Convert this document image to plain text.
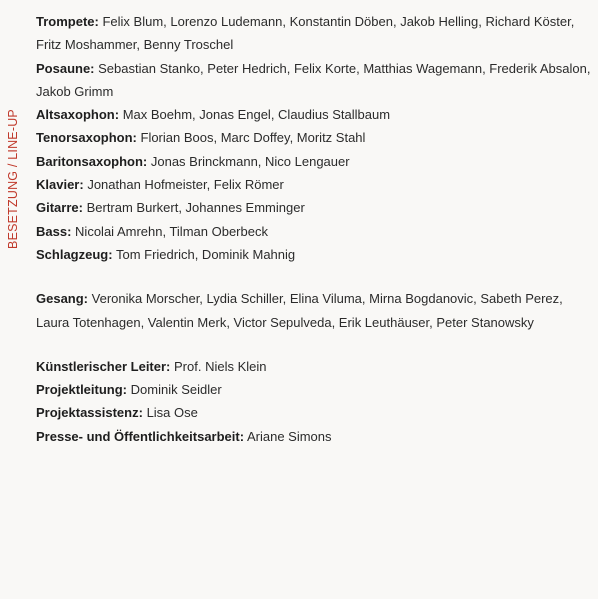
BESETZUNG / LINE-UP

Trompete: Felix Blum, Lorenzo Ludemann, Konstantin Döben, Jakob Helling, Richard Köster, Fritz Moshammer, Benny Troschel

Posaune: Sebastian Stanko, Peter Hedrich, Felix Korte, Matthias Wagemann, Frederik Absalon, Jakob Grimm

Altsaxophon: Max Boehm, Jonas Engel, Claudius Stallbaum

Tenorsaxophon: Florian Boos, Marc Doffey, Moritz Stahl

Baritonsaxophon: Jonas Brinckmann, Nico Lengauer

Klavier: Jonathan Hofmeister, Felix Römer

Gitarre: Bertram Burkert, Johannes Emminger

Bass: Nicolai Amrehn, Tilman Oberbeck

Schlagzeug: Tom Friedrich, Dominik Mahnig

Gesang: Veronika Morscher, Lydia Schiller, Elina Viluma, Mirna Bogdanovic, Sabeth Perez, Laura Totenhagen, Valentin Merk, Victor Sepulveda, Erik Leuthäuser, Peter Stanowsky

Künstlerischer Leiter: Prof. Niels Klein

Projektleitung: Dominik Seidler

Projektassistenz: Lisa Ose

Presse- und Öffentlichkeitsarbeit: Ariane Simons
